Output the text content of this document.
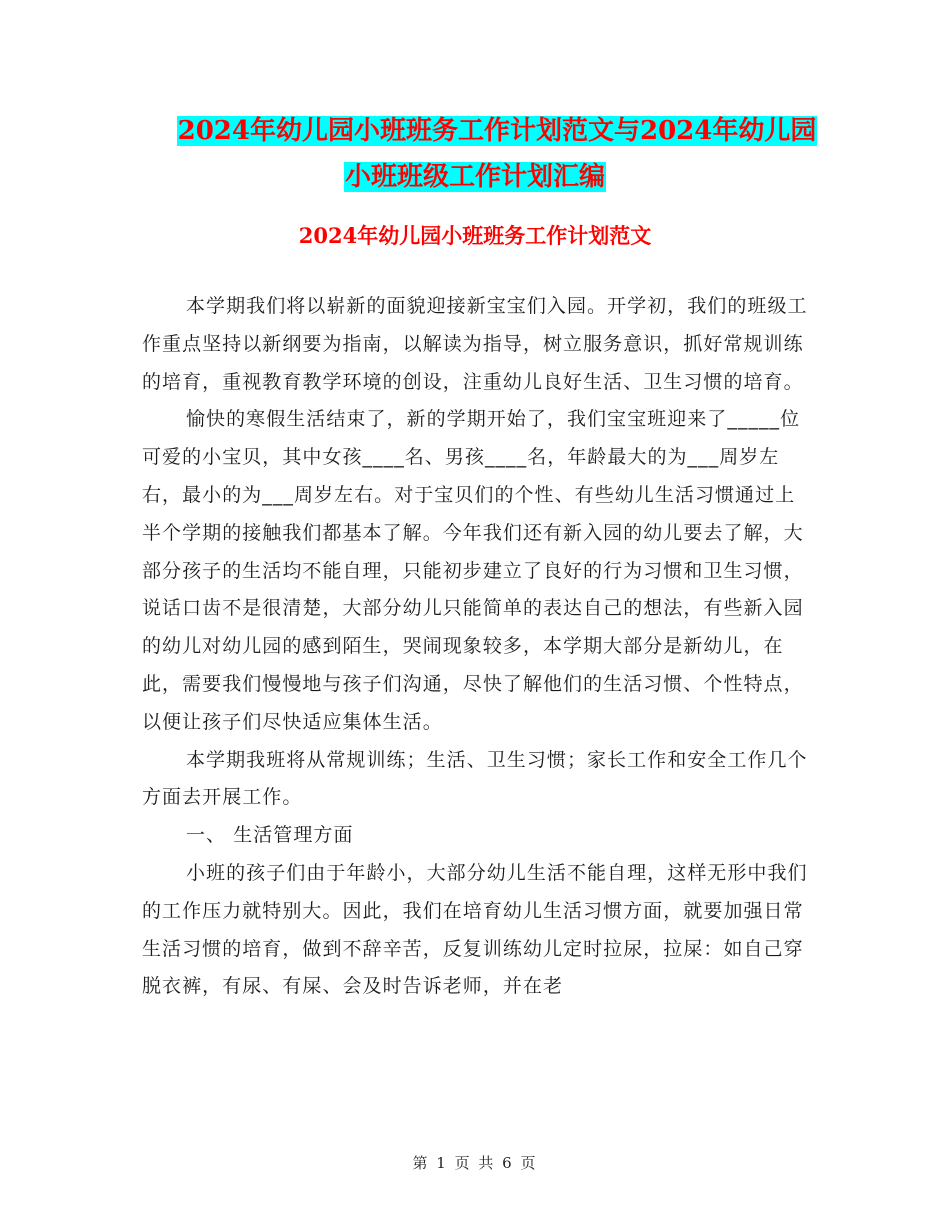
2024年幼儿园小班班务工作计划范文与2024年幼儿园
小班班级工作计划汇编
2024年幼儿园小班班务工作计划范文

本学期我们将以崭新的面貌迎接新宝宝们入园。开学初，我们的班级工作重点坚持以新纲要为指南，以解读为指导，树立服务意识，抓好常规训练的培育，重视教育教学环境的创设，注重幼儿良好生活、卫生习惯的培育。

愉快的寒假生活结束了，新的学期开始了，我们宝宝班迎来了_____位可爱的小宝贝，其中女孩____名、男孩____名，年龄最大的为___周岁左右，最小的为___周岁左右。对于宝贝们的个性、有些幼儿生活习惯通过上半个学期的接触我们都基本了解。今年我们还有新入园的幼儿要去了解，大部分孩子的生活均不能自理，只能初步建立了良好的行为习惯和卫生习惯，说话口齿不是很清楚，大部分幼儿只能简单的表达自己的想法，有些新入园的幼儿对幼儿园的感到陌生，哭闹现象较多，本学期大部分是新幼儿，在此，需要我们慢慢地与孩子们沟通，尽快了解他们的生活习惯、个性特点，以便让孩子们尽快适应集体生活。

本学期我班将从常规训练；生活、卫生习惯；家长工作和安全工作几个方面去开展工作。

一、 生活管理方面

小班的孩子们由于年龄小，大部分幼儿生活不能自理，这样无形中我们的工作压力就特别大。因此，我们在培育幼儿生活习惯方面，就要加强日常生活习惯的培育，做到不辞辛苦，反复训练幼儿定时拉尿，拉屎：如自己穿脱衣裤，有尿、有屎、会及时告诉老师，并在老

第 1 页 共 6 页
